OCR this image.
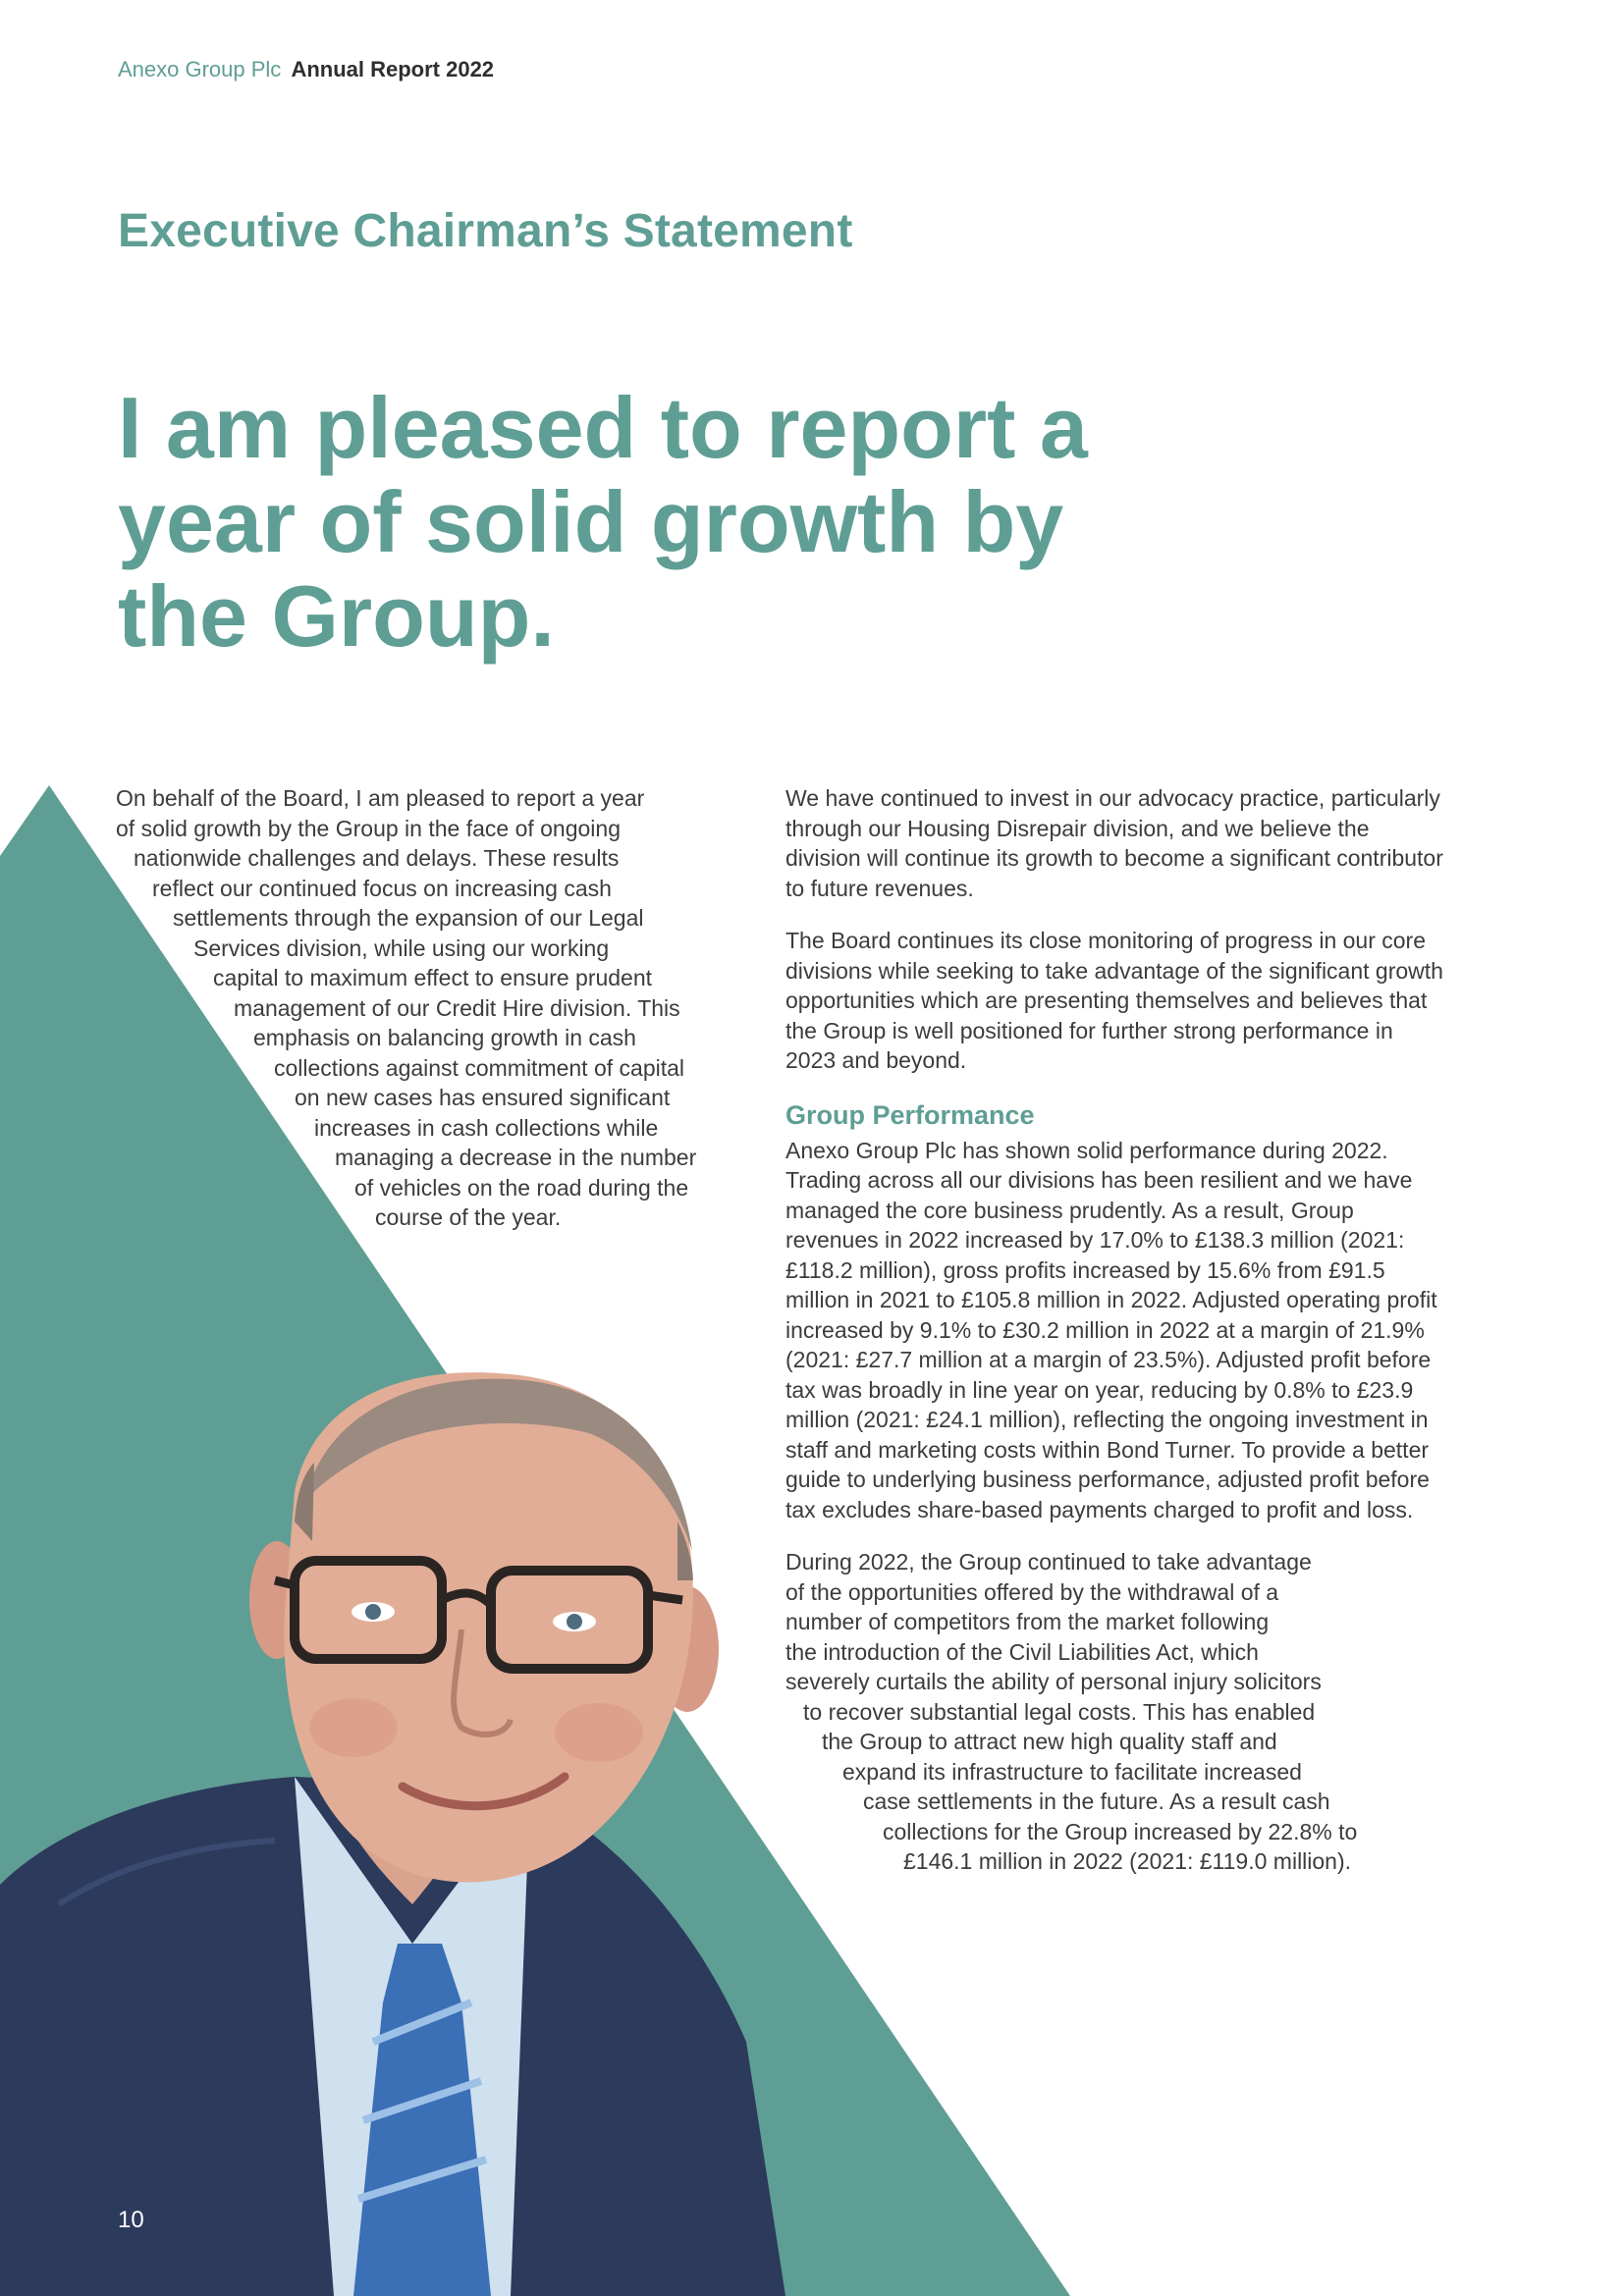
Anexo Group Plc Annual Report 2022
Executive Chairman’s Statement
I am pleased to report a year of solid growth by the Group.
On behalf of the Board, I am pleased to report a year
of solid growth by the Group in the face of ongoing
nationwide challenges and delays. These results
reflect our continued focus on increasing cash
settlements through the expansion of our Legal
Services division, while using our working
capital to maximum effect to ensure prudent
management of our Credit Hire division. This
emphasis on balancing growth in cash
collections against commitment of capital
on new cases has ensured significant
increases in cash collections while
managing a decrease in the number
of vehicles on the road during the
course of the year.

We have continued to invest in our advocacy practice, particularly through our Housing Disrepair division, and we believe the division will continue its growth to become a significant contributor to future revenues.

The Board continues its close monitoring of progress in our core divisions while seeking to take advantage of the significant growth opportunities which are presenting themselves and believes that the Group is well positioned for further strong performance in 2023 and beyond.

Group Performance

Anexo Group Plc has shown solid performance during 2022. Trading across all our divisions has been resilient and we have managed the core business prudently. As a result, Group revenues in 2022 increased by 17.0% to £138.3 million (2021: £118.2 million), gross profits increased by 15.6% from £91.5 million in 2021 to £105.8 million in 2022. Adjusted operating profit increased by 9.1% to £30.2 million in 2022 at a margin of 21.9% (2021: £27.7 million at a margin of 23.5%). Adjusted profit before tax was broadly in line year on year, reducing by 0.8% to £23.9 million (2021: £24.1 million), reflecting the ongoing investment in staff and marketing costs within Bond Turner. To provide a better guide to underlying business performance, adjusted profit before tax excludes share-based payments charged to profit and loss.

During 2022, the Group continued to take advantage
of the opportunities offered by the withdrawal of a
number of competitors from the market following
the introduction of the Civil Liabilities Act, which
severely curtails the ability of personal injury solicitors
to recover substantial legal costs. This has enabled
the Group to attract new high quality staff and
expand its infrastructure to facilitate increased
case settlements in the future. As a result cash
collections for the Group increased by 22.8% to
£146.1 million in 2022 (2021: £119.0 million).
10
